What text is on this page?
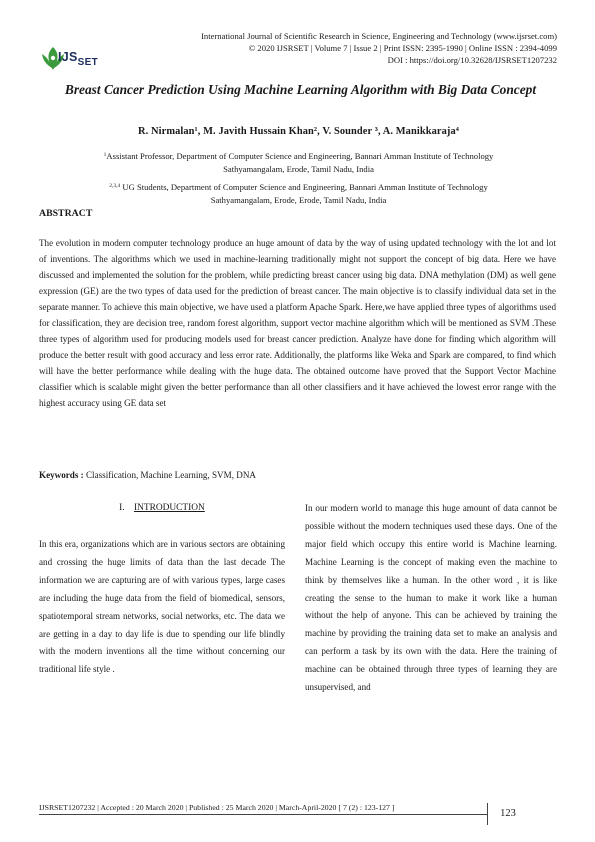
International Journal of Scientific Research in Science, Engineering and Technology (www.ijsrset.com)
© 2020 IJSRSET | Volume 7 | Issue 2 | Print ISSN: 2395-1990 | Online ISSN : 2394-4099
DOI : https://doi.org/10.32628/IJSRSET1207232
$IJS_{SET}$
Breast Cancer Prediction Using Machine Learning Algorithm with Big Data Concept
R. Nirmalan¹, M. Javith Hussain Khan², V. Sounder ³, A. Manikkaraja⁴
$^1$Assistant Professor, Department of Computer Science and Engineering, Bannari Amman Institute of Technology
Sathyamangalam, Erode, Tamil Nadu, India
$^{2,3,4}$ UG Students, Department of Computer Science and Engineering, Bannari Amman Institute of Technology
Sathyamangalam, Erode, Erode, Tamil Nadu, India
ABSTRACT
The evolution in modern computer technology produce an huge amount of data by the way of using updated technology with the lot and lot of inventions. The algorithms which we used in machine-learning traditionally might not support the concept of big data. Here we have discussed and implemented the solution for the problem, while predicting breast cancer using big data. DNA methylation (DM) as well gene expression (GE) are the two types of data used for the prediction of breast cancer. The main objective is to classify individual data set in the separate manner. To achieve this main objective, we have used a platform Apache Spark. Here,we have applied three types of algorithms used for classification, they are decision tree, random forest algorithm, support vector machine algorithm which will be mentioned as SVM .These three types of algorithm used for producing models used for breast cancer prediction. Analyze have done for finding which algorithm will produce the better result with good accuracy and less error rate. Additionally, the platforms like Weka and Spark are compared, to find which will have the better performance while dealing with the huge data. The obtained outcome have proved that the Support Vector Machine classifier which is scalable might given the better performance than all other classifiers and it have achieved the lowest error range with the highest accuracy using GE data set
Keywords : Classification, Machine Learning, SVM, DNA
I. INTRODUCTION
In this era, organizations which are in various sectors are obtaining and crossing the huge limits of data than the last decade The information we are capturing are of with various types, large cases are including the huge data from the field of biomedical, sensors, spatiotemporal stream networks, social networks, etc. The data we are getting in a day to day life is due to spending our life blindly with the modern inventions all the time without concerning our traditional life style .
In our modern world to manage this huge amount of data cannot be possible without the modern techniques used these days. One of the major field which occupy this entire world is Machine learning. Machine Learning is the concept of making even the machine to think by themselves like a human. In the other word , it is like creating the sense to the human to make it work like a human without the help of anyone. This can be achieved by training the machine by providing the training data set to make an analysis and can perform a task by its own with the data. Here the training of machine can be obtained through three types of learning they are unsupervised, and
IJSRSET1207232 | Accepted : 20 March 2020 | Published : 25 March 2020 | March-April-2020 [ 7 (2) : 123-127 ]
123
